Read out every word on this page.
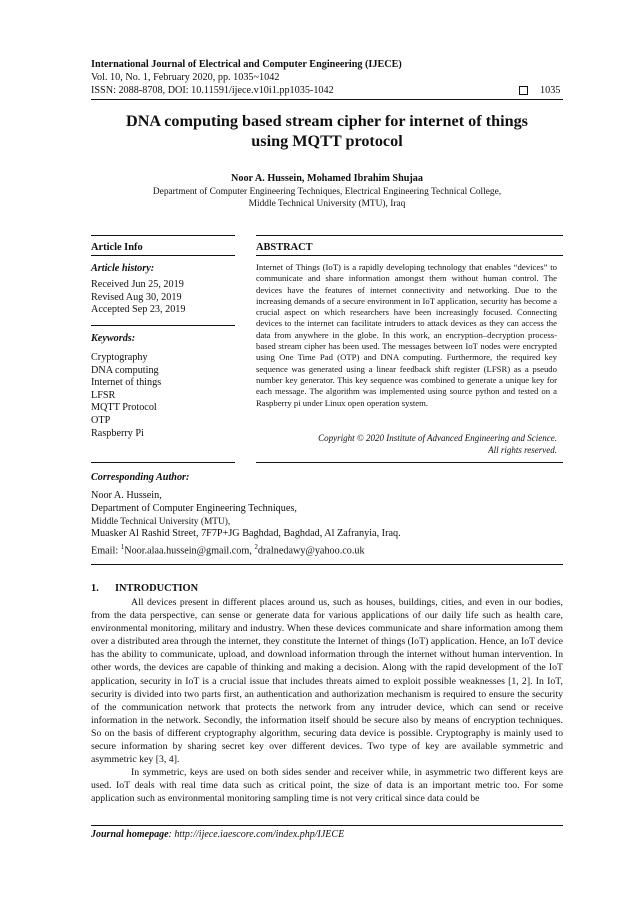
International Journal of Electrical and Computer Engineering (IJECE)
Vol. 10, No. 1, February 2020, pp. 1035~1042
ISSN: 2088-8708, DOI: 10.11591/ijece.v10i1.pp1035-1042	1035
DNA computing based stream cipher for internet of things
using MQTT protocol
Noor A. Hussein, Mohamed Ibrahim Shujaa
Department of Computer Engineering Techniques, Electrical Engineering Technical College,
Middle Technical University (MTU), Iraq
Article Info	ABSTRACT
Article history:
Received Jun 25, 2019
Revised Aug 30, 2019
Accepted Sep 23, 2019
Keywords:
Cryptography
DNA computing
Internet of things
LFSR
MQTT Protocol
OTP
Raspberry Pi
Internet of Things (IoT) is a rapidly developing technology that enables “devices” to communicate and share information amongst them without human control. The devices have the features of internet connectivity and networking. Due to the increasing demands of a secure environment in IoT application, security has become a crucial aspect on which researchers have been increasingly focused. Connecting devices to the internet can facilitate intruders to attack devices as they can access the data from anywhere in the globe. In this work, an encryption–decryption process-based stream cipher has been used. The messages between IoT nodes were encrypted using One Time Pad (OTP) and DNA computing. Furthermore, the required key sequence was generated using a linear feedback shift register (LFSR) as a pseudo number key generator. This key sequence was combined to generate a unique key for each message. The algorithm was implemented using source python and tested on a Raspberry pi under Linux open operation system.
Copyright © 2020 Institute of Advanced Engineering and Science.
All rights reserved.
Corresponding Author:
Noor A. Hussein,
Department of Computer Engineering Techniques,
Middle Technical University (MTU),
Muasker Al Rashid Street, 7F7P+JG Baghdad, Baghdad, Al Zafranyia, Iraq.
Email: $^1$Noor.alaa.hussein@gmail.com, $^2$dralnedawy@yahoo.co.uk
1. INTRODUCTION

All devices present in different places around us, such as houses, buildings, cities, and even in our bodies, from the data perspective, can sense or generate data for various applications of our daily life such as health care, environmental monitoring, military and industry. When these devices communicate and share information among them over a distributed area through the internet, they constitute the Internet of things (IoT) application. Hence, an IoT device has the ability to communicate, upload, and download information through the internet without human intervention. In other words, the devices are capable of thinking and making a decision. Along with the rapid development of the IoT application, security in IoT is a crucial issue that includes threats aimed to exploit possible weaknesses [1, 2]. In IoT, security is divided into two parts first, an authentication and authorization mechanism is required to ensure the security of the communication network that protects the network from any intruder device, which can send or receive information in the network. Secondly, the information itself should be secure also by means of encryption techniques. So on the basis of different cryptography algorithm, securing data device is possible. Cryptography is mainly used to secure information by sharing secret key over different devices. Two type of key are available symmetric and asymmetric key [3, 4].

In symmetric, keys are used on both sides sender and receiver while, in asymmetric two different keys are used. IoT deals with real time data such as critical point, the size of data is an important metric too. For some application such as environmental monitoring sampling time is not very critical since data could be

Journal homepage: http://ijece.iaescore.com/index.php/IJECE
